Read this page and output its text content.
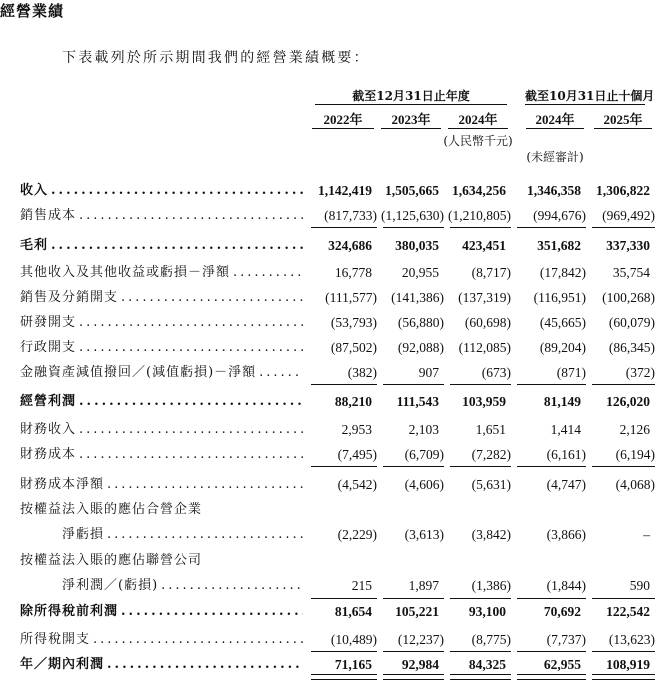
經營業績
下表載列於所示期間我們的經營業績概要：
截至12月31日止年度	截至10月31日止十個月
2022年	2023年	2024年	2024年	2025年
(人民幣千元)
(未經審計)
收入 .....	1,142,419 1,505,665 1,634,256	1,346,358	1,306,822
銷售成本 .....	(817,733) (1,125,630) (1,210,805)	(994,676)	(969,492)
毛利 .....	324,686	380,035	423,451	351,682	337,330
其他收入及其他收益或虧損－淨額 .....	16,778	20,955	(8,717)	(17,842)	35,754
銷售及分銷開支 .....	(111,577)	(141,386)	(137,319)	(116,951)	(100,268)
研發開支 .....	(53,793)	(56,880)	(60,698)	(45,665)	(60,079)
行政開支 .....	(87,502)	(92,088)	(112,085)	(89,204)	(86,345)
金融資產減值撥回／(減值虧損)－淨額 .....	(382)	907	(673)	(871)	(372)
經營利潤 .....	88,210	111,543	103,959	81,149	126,020
財務收入 .....	2,953	2,103	1,651	1,414	2,126
財務成本 .....	(7,495)	(6,709)	(7,282)	(6,161)	(6,194)
財務成本淨額 .....	(4,542)	(4,606)	(5,631)	(4,747)	(4,068)
按權益法入賬的應佔合營企業
淨虧損 .....	(2,229)	(3,613)	(3,842)	(3,866)	–
按權益法入賬的應佔聯營公司
淨利潤／(虧損) .....	215	1,897	(1,386)	(1,844)	590
除所得稅前利潤 .....	81,654	105,221	93,100	70,692	122,542
所得稅開支 .....	(10,489)	(12,237)	(8,775)	(7,737)	(13,623)
年／期內利潤 .....	71,165	92,984	84,325	62,955	108,919
